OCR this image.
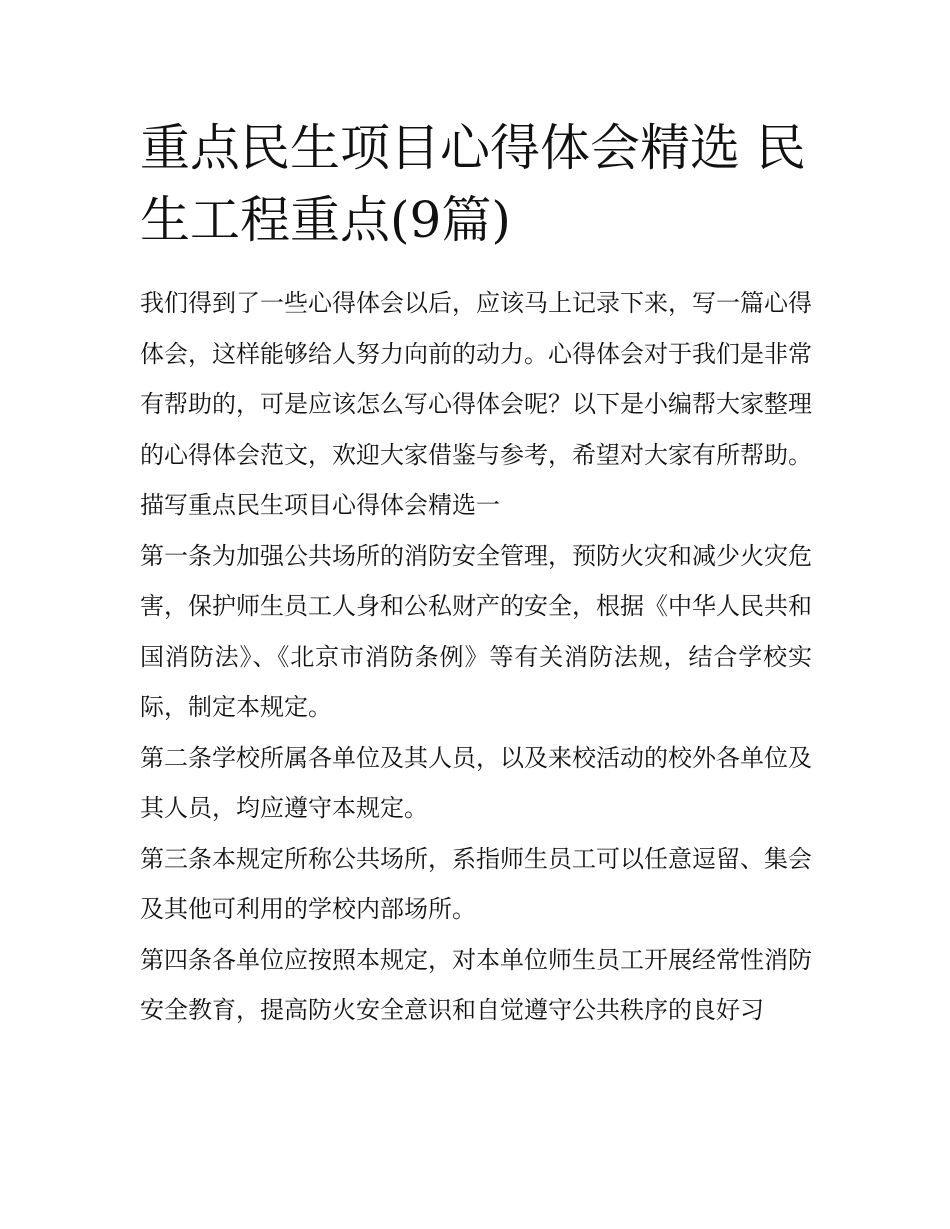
重点民生项目心得体会精选 民生工程重点(9篇)

我们得到了一些心得体会以后，应该马上记录下来，写一篇心得体会，这样能够给人努力向前的动力。心得体会对于我们是非常有帮助的，可是应该怎么写心得体会呢？以下是小编帮大家整理的心得体会范文，欢迎大家借鉴与参考，希望对大家有所帮助。

描写重点民生项目心得体会精选一

第一条为加强公共场所的消防安全管理，预防火灾和减少火灾危害，保护师生员工人身和公私财产的安全，根据《中华人民共和国消防法》、《北京市消防条例》等有关消防法规，结合学校实际，制定本规定。

第二条学校所属各单位及其人员，以及来校活动的校外各单位及其人员，均应遵守本规定。

第三条本规定所称公共场所，系指师生员工可以任意逗留、集会及其他可利用的学校内部场所。

第四条各单位应按照本规定，对本单位师生员工开展经常性消防安全教育，提高防火安全意识和自觉遵守公共秩序的良好习
